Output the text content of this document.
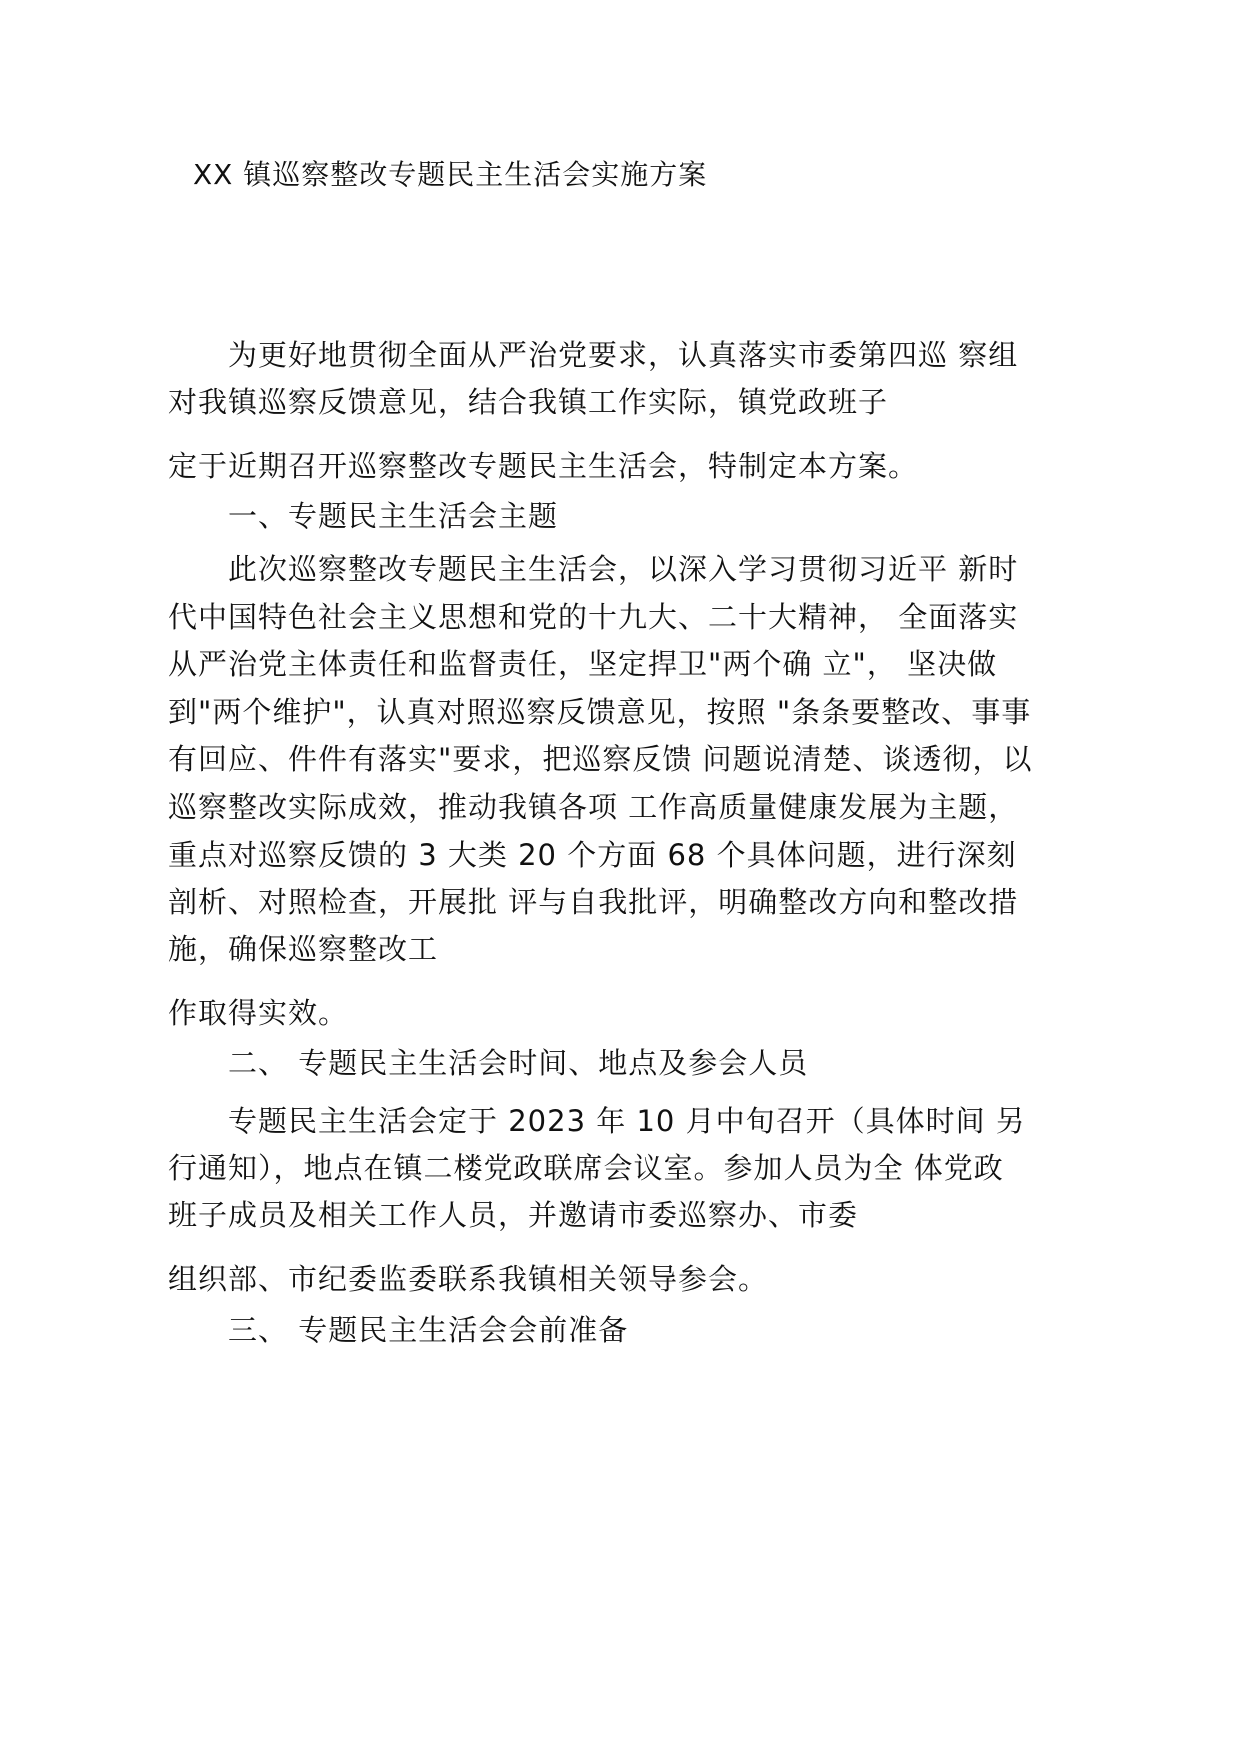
XX 镇巡察整改专题民主生活会实施方案
为更好地贯彻全面从严治党要求，认真落实市委第四巡 察组
对我镇巡察反馈意见，结合我镇工作实际，镇党政班子
定于近期召开巡察整改专题民主生活会，特制定本方案。
一、专题民主生活会主题
此次巡察整改专题民主生活会，以深入学习贯彻习近平 新时
代中国特色社会主义思想和党的十九大、二十大精神， 全面落实
从严治党主体责任和监督责任，坚定捍卫"两个确 立"， 坚决做
到"两个维护"，认真对照巡察反馈意见，按照 "条条要整改、事事
有回应、件件有落实"要求，把巡察反馈 问题说清楚、谈透彻，以
巡察整改实际成效，推动我镇各项 工作高质量健康发展为主题，
重点对巡察反馈的 3 大类 20 个方面 68 个具体问题，进行深刻
剖析、对照检查，开展批 评与自我批评，明确整改方向和整改措
施，确保巡察整改工
作取得实效。
二、 专题民主生活会时间、地点及参会人员
专题民主生活会定于 2023 年 10 月中旬召开（具体时间 另
行通知），地点在镇二楼党政联席会议室。参加人员为全 体党政
班子成员及相关工作人员，并邀请市委巡察办、市委
组织部、市纪委监委联系我镇相关领导参会。
三、 专题民主生活会会前准备
